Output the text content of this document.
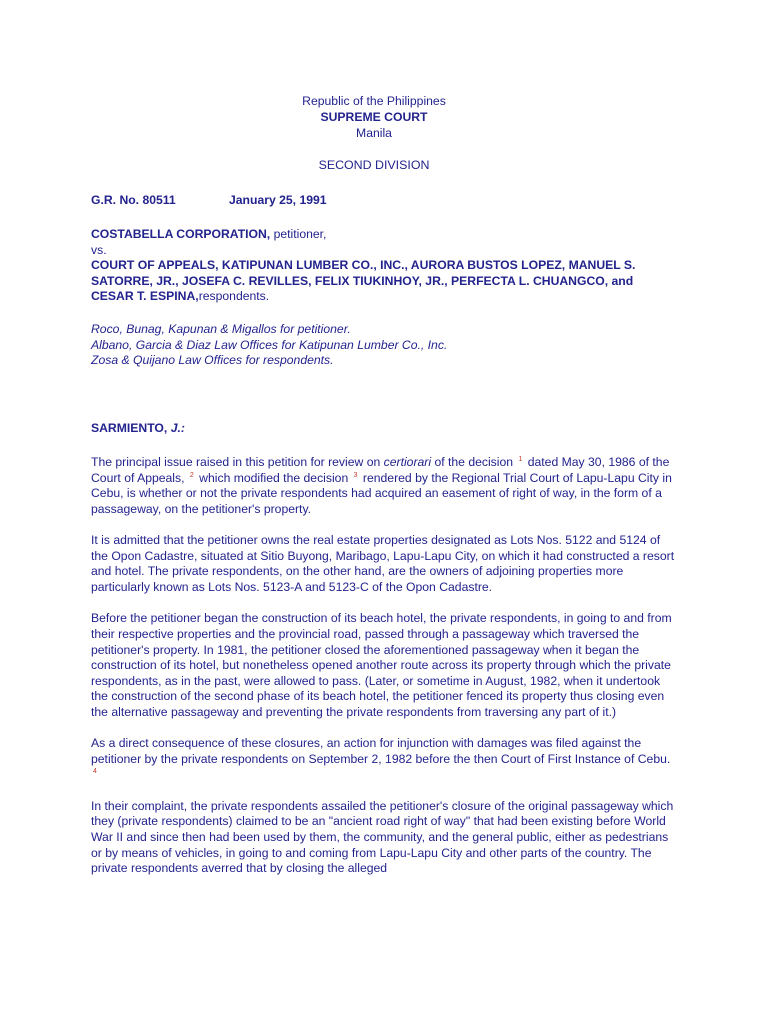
Republic of the Philippines
SUPREME COURT
Manila
SECOND DIVISION
G.R. No. 80511	January 25, 1991
COSTABELLA CORPORATION, petitioner,
vs.
COURT OF APPEALS, KATIPUNAN LUMBER CO., INC., AURORA BUSTOS LOPEZ, MANUEL S. SATORRE, JR., JOSEFA C. REVILLES, FELIX TIUKINHOY, JR., PERFECTA L. CHUANGCO, and CESAR T. ESPINA,respondents.
Roco, Bunag, Kapunan & Migallos for petitioner.
Albano, Garcia & Diaz Law Offices for Katipunan Lumber Co., Inc.
Zosa & Quijano Law Offices for respondents.
SARMIENTO, J.:

The principal issue raised in this petition for review on certiorari of the decision $^1$ dated May 30, 1986 of the Court of Appeals, $^2$ which modified the decision $^3$ rendered by the Regional Trial Court of Lapu-Lapu City in Cebu, is whether or not the private respondents had acquired an easement of right of way, in the form of a passageway, on the petitioner's property.

It is admitted that the petitioner owns the real estate properties designated as Lots Nos. 5122 and 5124 of the Opon Cadastre, situated at Sitio Buyong, Maribago, Lapu-Lapu City, on which it had constructed a resort and hotel. The private respondents, on the other hand, are the owners of adjoining properties more particularly known as Lots Nos. 5123-A and 5123-C of the Opon Cadastre.

Before the petitioner began the construction of its beach hotel, the private respondents, in going to and from their respective properties and the provincial road, passed through a passageway which traversed the petitioner's property. In 1981, the petitioner closed the aforementioned passageway when it began the construction of its hotel, but nonetheless opened another route across its property through which the private respondents, as in the past, were allowed to pass. (Later, or sometime in August, 1982, when it undertook the construction of the second phase of its beach hotel, the petitioner fenced its property thus closing even the alternative passageway and preventing the private respondents from traversing any part of it.)

As a direct consequence of these closures, an action for injunction with damages was filed against the petitioner by the private respondents on September 2, 1982 before the then Court of First Instance of Cebu. $^4$

In their complaint, the private respondents assailed the petitioner's closure of the original passageway which they (private respondents) claimed to be an "ancient road right of way" that had been existing before World War II and since then had been used by them, the community, and the general public, either as pedestrians or by means of vehicles, in going to and coming from Lapu-Lapu City and other parts of the country. The private respondents averred that by closing the alleged
